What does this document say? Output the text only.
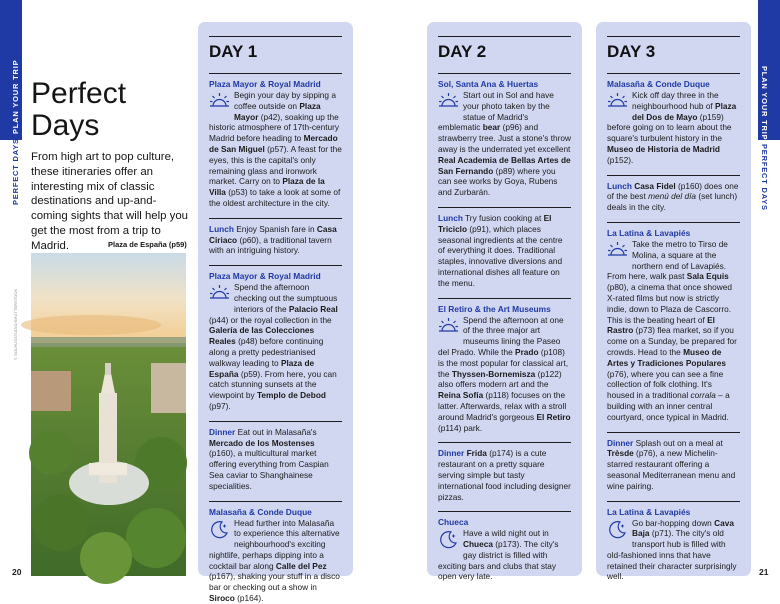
PLAN YOUR TRIP
PERFECT DAYS
Perfect
Days

From high art to pop culture, these itineraries offer an interesting mix of classic destinations and up-and-coming sights that will help you get the most from a trip to Madrid.	Plaza de España (p59)
© SOLRUSSTUDIO/SHUTTERSTOCK
20
DAY 1
Plaza Mayor & Royal Madrid

Begin your day by sipping a coffee outside on Plaza Mayor (p42), soaking up the historic atmosphere of 17th-century Madrid before heading to Mercado de San Miguel (p57). A feast for the eyes, this is the capital's only remaining glass and ironwork market. Carry on to Plaza de la Villa (p53) to take a look at some of the oldest architecture in the city.

Lunch Enjoy Spanish fare in Casa Ciriaco (p60), a traditional tavern with an intriguing history.

Plaza Mayor & Royal Madrid

Spend the afternoon checking out the sumptuous interiors of the Palacio Real (p44) or the royal collection in the Galería de las Colecciones Reales (p48) before continuing along a pretty pedestrianised walkway leading to Plaza de España (p59). From here, you can catch stunning sunsets at the viewpoint by Templo de Debod (p97).

Dinner Eat out in Malasaña's Mercado de los Mostenses (p160), a multicultural market offering everything from Caspian Sea caviar to Shanghainese specialities.

Malasaña & Conde Duque

Head further into Malasaña to experience this alternative neighbourhood's exciting nightlife, perhaps dipping into a cocktail bar along Calle del Pez (p167), shaking your stuff in a disco bar or checking out a show in Siroco (p164).

DAY 2
Sol, Santa Ana & Huertas

Start out in Sol and have your photo taken by the statue of Madrid's emblematic bear (p96) and strawberry tree. Just a stone's throw away is the underrated yet excellent Real Academia de Bellas Artes de San Fernando (p89) where you can see works by Goya, Rubens and Zurbarán.

Lunch Try fusion cooking at El Triciclo (p91), which places seasonal ingredients at the centre of everything it does. Traditional staples, innovative diversions and international dishes all feature on the menu.

El Retiro & the Art Museums

Spend the afternoon at one of the three major art museums lining the Paseo del Prado. While the Prado (p108) is the most popular for classical art, the Thyssen-Bornemisza (p122) also offers modern art and the Reina Sofía (p118) focuses on the latter. Afterwards, relax with a stroll around Madrid's gorgeous El Retiro (p114) park.

Dinner Frida (p174) is a cute restaurant on a pretty square serving simple but tasty international food including designer pizzas.

Chueca

Have a wild night out in Chueca (p173). The city's gay district is filled with exciting bars and clubs that stay open very late.

DAY 3
Malasaña & Conde Duque

Kick off day three in the neighbourhood hub of Plaza del Dos de Mayo (p159) before going on to learn about the square's turbulent history in the Museo de Historia de Madrid (p152).

Lunch Casa Fidel (p160) does one of the best menú del día (set lunch) deals in the city.

La Latina & Lavapiés

Take the metro to Tirso de Molina, a square at the northern end of Lavapiés. From here, walk past Sala Equis (p80), a cinema that once showed X-rated films but now is strictly indie, down to Plaza de Cascorro. This is the beating heart of El Rastro (p73) flea market, so if you come on a Sunday, be prepared for crowds. Head to the Museo de Artes y Tradiciones Populares (p76), where you can see a fine collection of folk clothing. It's housed in a traditional corrala – a building with an inner central courtyard, once typical in Madrid.

Dinner Splash out on a meal at Trèsde (p76), a new Michelin-starred restaurant offering a seasonal Mediterranean menu and wine pairing.

La Latina & Lavapiés

Go bar-hopping down Cava Baja (p71). The city's old transport hub is filled with old-fashioned inns that have retained their character surprisingly well.

PLAN YOUR TRIP
PERFECT DAYS
21
